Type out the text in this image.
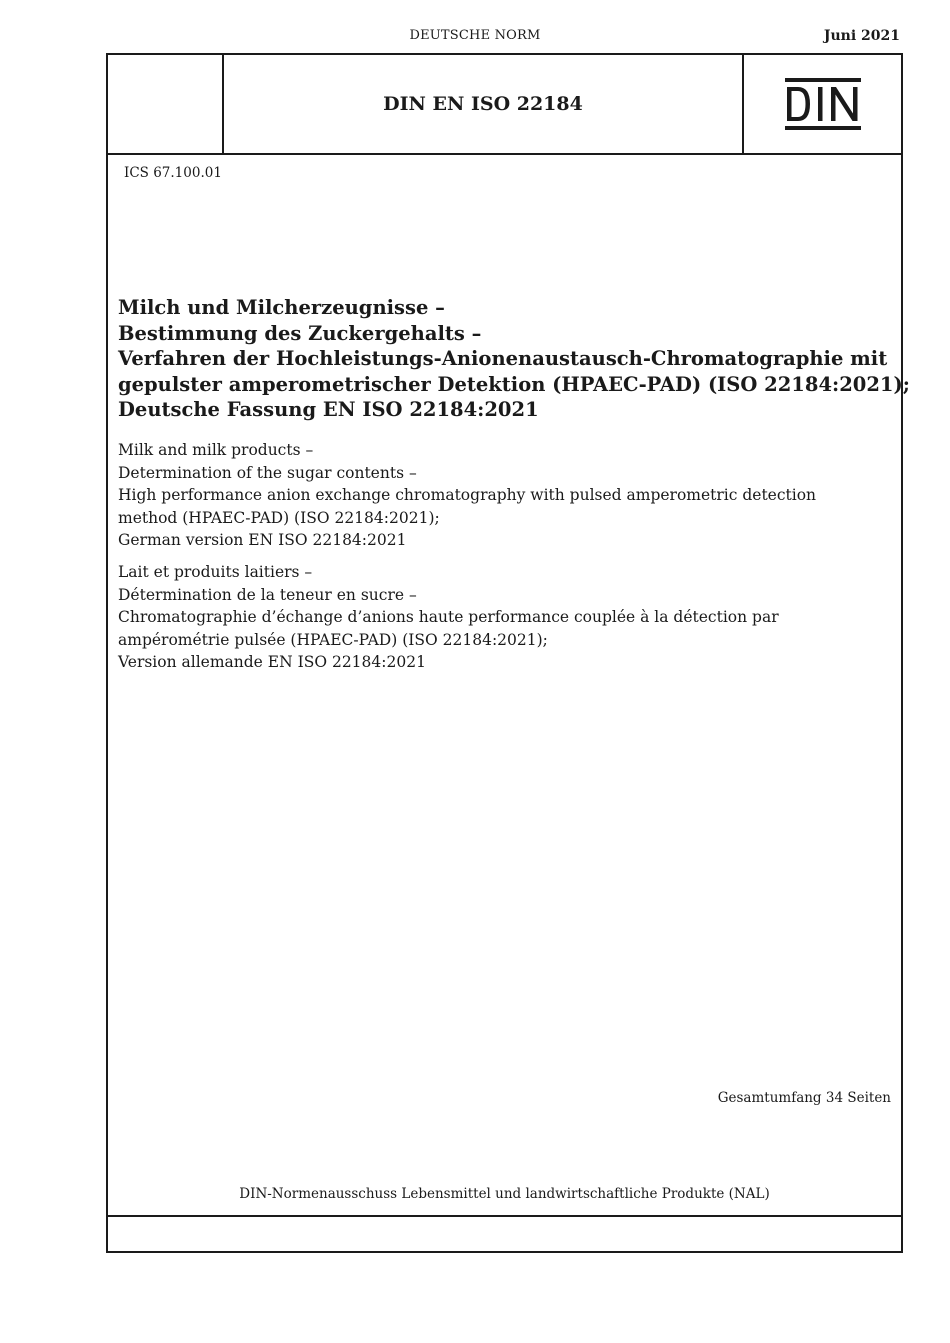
DEUTSCHE NORM	Juni 2021
DIN EN ISO 22184
ICS 67.100.01
Milch und Milcherzeugnisse –
Bestimmung des Zuckergehalts –
Verfahren der Hochleistungs-Anionenaustausch-Chromatographie mit
gepulster amperometrischer Detektion (HPAEC-PAD) (ISO 22184:2021);
Deutsche Fassung EN ISO 22184:2021
Milk and milk products –
Determination of the sugar contents –
High performance anion exchange chromatography with pulsed amperometric detection
method (HPAEC-PAD) (ISO 22184:2021);
German version EN ISO 22184:2021
Lait et produits laitiers –
Détermination de la teneur en sucre –
Chromatographie d’échange d’anions haute performance couplée à la détection par
ampérométrie pulsée (HPAEC-PAD) (ISO 22184:2021);
Version allemande EN ISO 22184:2021
Gesamtumfang 34 Seiten
DIN-Normenausschuss Lebensmittel und landwirtschaftliche Produkte (NAL)
